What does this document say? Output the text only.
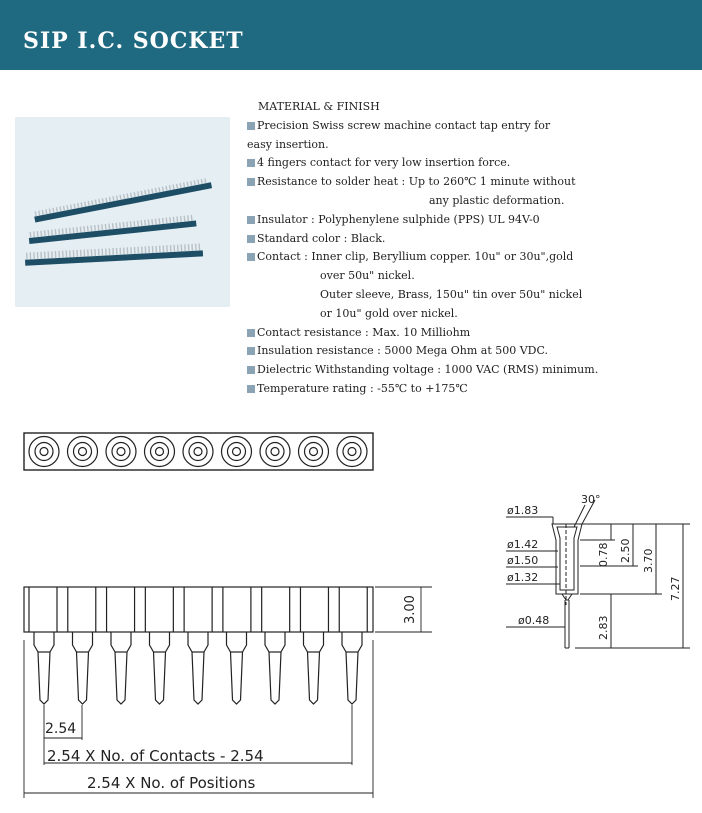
SIP I.C. SOCKET
MATERIAL & FINISH
Precision Swiss screw machine contact tap entry for
easy insertion.
4 fingers contact for very low insertion force.
Resistance to solder heat : Up to 260℃ 1 minute without
any plastic deformation.
Insulator : Polyphenylene sulphide (PPS) UL 94V-0
Standard color : Black.
Contact : Inner clip, Beryllium copper. 10u" or 30u",gold
over 50u" nickel.
Outer sleeve, Brass, 150u" tin over 50u" nickel
or 10u" gold over nickel.
Contact resistance : Max. 10 Milliohm
Insulation resistance : 5000 Mega Ohm at 500 VDC.
Dielectric Withstanding voltage : 1000 VAC (RMS) minimum.
Temperature rating : -55℃ to +175℃
3.00
2.54
2.54 X No. of Contacts - 2.54
2.54 X No. of Positions
30°
ø1.83
ø1.42
ø1.50
ø1.32
ø0.48
0.78 2.50 3.70
7.27
2.83
